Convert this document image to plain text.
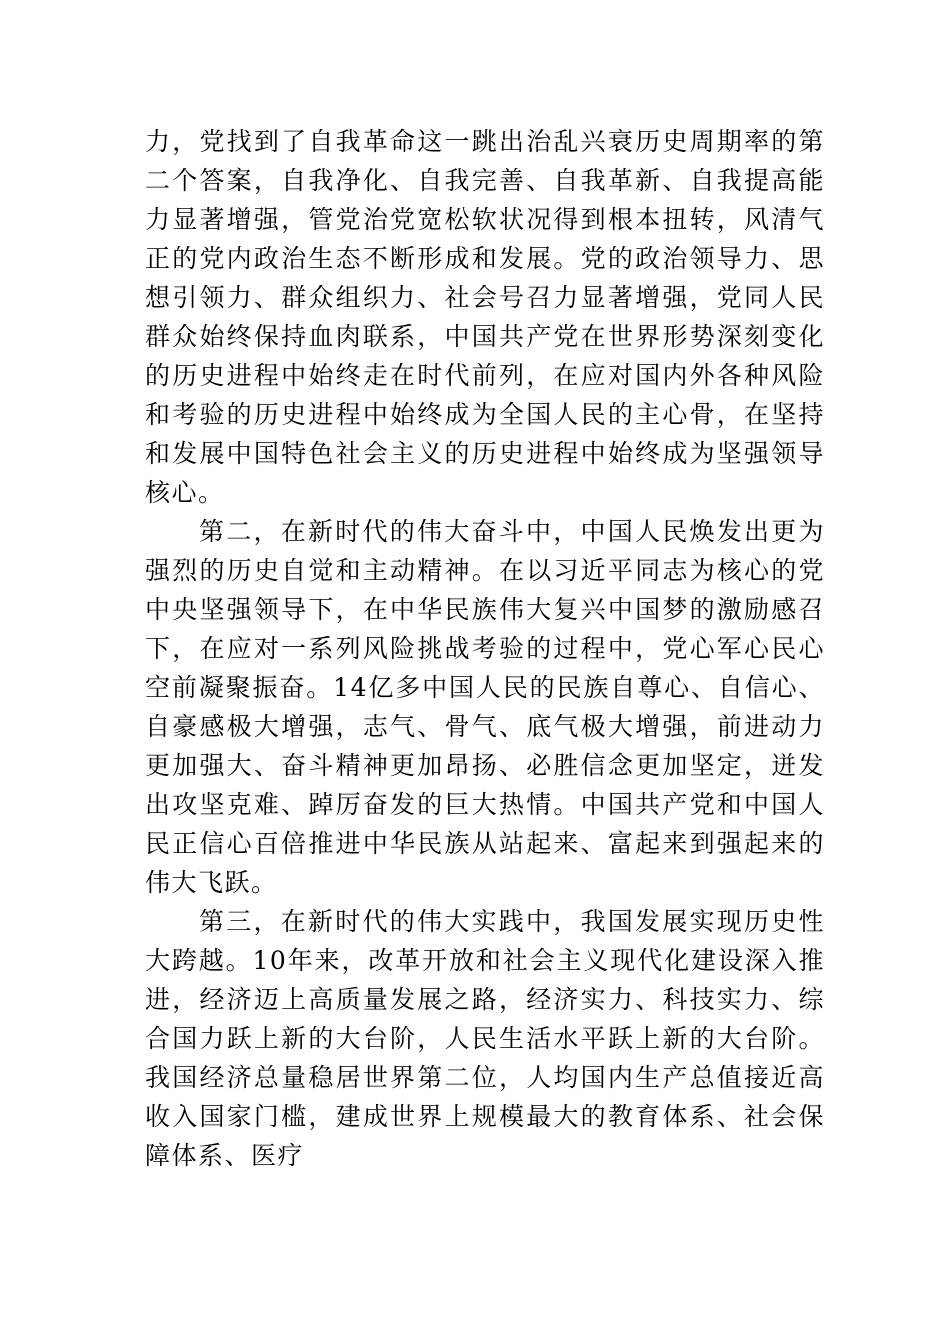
力，党找到了自我革命这一跳出治乱兴衰历史周期率的第二个答案，自我净化、自我完善、自我革新、自我提高能力显著增强，管党治党宽松软状况得到根本扭转，风清气正的党内政治生态不断形成和发展。党的政治领导力、思想引领力、群众组织力、社会号召力显著增强，党同人民群众始终保持血肉联系，中国共产党在世界形势深刻变化的历史进程中始终走在时代前列，在应对国内外各种风险和考验的历史进程中始终成为全国人民的主心骨，在坚持和发展中国特色社会主义的历史进程中始终成为坚强领导核心。

第二，在新时代的伟大奋斗中，中国人民焕发出更为强烈的历史自觉和主动精神。在以习近平同志为核心的党中央坚强领导下，在中华民族伟大复兴中国梦的激励感召下，在应对一系列风险挑战考验的过程中，党心军心民心空前凝聚振奋。14亿多中国人民的民族自尊心、自信心、自豪感极大增强，志气、骨气、底气极大增强，前进动力更加强大、奋斗精神更加昂扬、必胜信念更加坚定，迸发出攻坚克难、踔厉奋发的巨大热情。中国共产党和中国人民正信心百倍推进中华民族从站起来、富起来到强起来的伟大飞跃。

第三，在新时代的伟大实践中，我国发展实现历史性大跨越。10年来，改革开放和社会主义现代化建设深入推进，经济迈上高质量发展之路，经济实力、科技实力、综合国力跃上新的大台阶，人民生活水平跃上新的大台阶。我国经济总量稳居世界第二位，人均国内生产总值接近高收入国家门槛，建成世界上规模最大的教育体系、社会保障体系、医疗
